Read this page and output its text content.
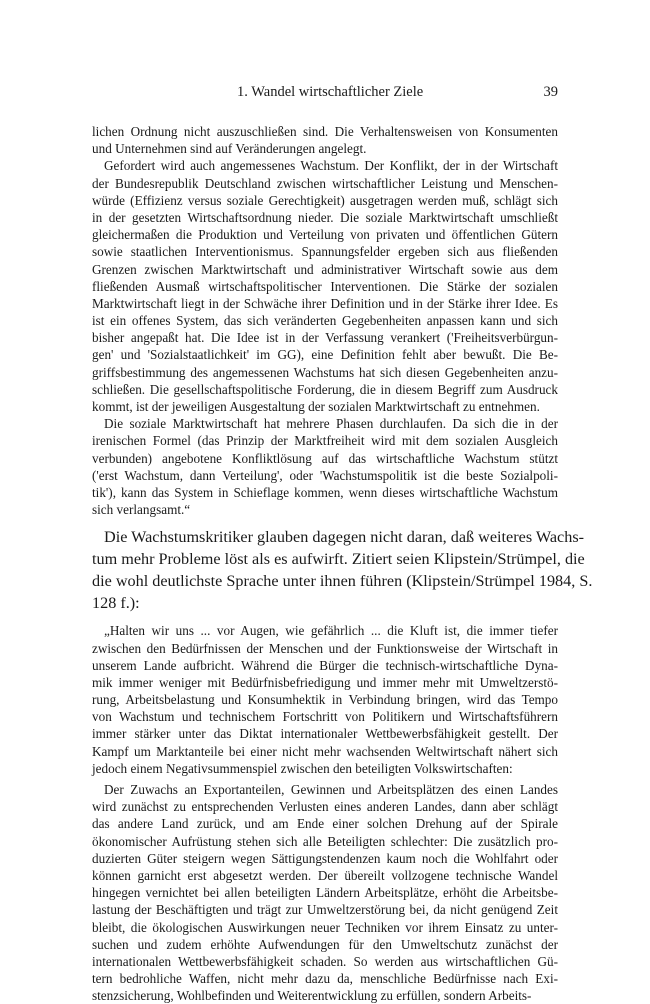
1. Wandel wirtschaftlicher Ziele	39
lichen Ordnung nicht auszuschließen sind. Die Verhaltensweisen von Konsumenten
und Unternehmen sind auf Veränderungen angelegt.
Gefordert wird auch angemessenes Wachstum. Der Konflikt, der in der Wirtschaft
der Bundesrepublik Deutschland zwischen wirtschaftlicher Leistung und Menschen-
würde (Effizienz versus soziale Gerechtigkeit) ausgetragen werden muß, schlägt sich
in der gesetzten Wirtschaftsordnung nieder. Die soziale Marktwirtschaft umschließt
gleichermaßen die Produktion und Verteilung von privaten und öffentlichen Gütern
sowie staatlichen Interventionismus. Spannungsfelder ergeben sich aus fließenden
Grenzen zwischen Marktwirtschaft und administrativer Wirtschaft sowie aus dem
fließenden Ausmaß wirtschaftspolitischer Interventionen. Die Stärke der sozialen
Marktwirtschaft liegt in der Schwäche ihrer Definition und in der Stärke ihrer Idee. Es
ist ein offenes System, das sich veränderten Gegebenheiten anpassen kann und sich
bisher angepaßt hat. Die Idee ist in der Verfassung verankert ('Freiheitsverbürgun-
gen' und 'Sozialstaatlichkeit' im GG), eine Definition fehlt aber bewußt. Die Be-
griffsbestimmung des angemessenen Wachstums hat sich diesen Gegebenheiten anzu-
schließen. Die gesellschaftspolitische Forderung, die in diesem Begriff zum Ausdruck
kommt, ist der jeweiligen Ausgestaltung der sozialen Marktwirtschaft zu entnehmen.
Die soziale Marktwirtschaft hat mehrere Phasen durchlaufen. Da sich die in der
irenischen Formel (das Prinzip der Marktfreiheit wird mit dem sozialen Ausgleich
verbunden) angebotene Konfliktlösung auf das wirtschaftliche Wachstum stützt
('erst Wachstum, dann Verteilung', oder 'Wachstumspolitik ist die beste Sozialpoli-
tik'), kann das System in Schieflage kommen, wenn dieses wirtschaftliche Wachstum
sich verlangsamt.“
Die Wachstumskritiker glauben dagegen nicht daran, daß weiteres Wachs-
tum mehr Probleme löst als es aufwirft. Zitiert seien Klipstein/Strümpel, die
die wohl deutlichste Sprache unter ihnen führen (Klipstein/Strümpel 1984, S.
128 f.):
„Halten wir uns ... vor Augen, wie gefährlich ... die Kluft ist, die immer tiefer
zwischen den Bedürfnissen der Menschen und der Funktionsweise der Wirtschaft in
unserem Lande aufbricht. Während die Bürger die technisch-wirtschaftliche Dyna-
mik immer weniger mit Bedürfnisbefriedigung und immer mehr mit Umweltzerstö-
rung, Arbeitsbelastung und Konsumhektik in Verbindung bringen, wird das Tempo
von Wachstum und technischem Fortschritt von Politikern und Wirtschaftsführern
immer stärker unter das Diktat internationaler Wettbewerbsfähigkeit gestellt. Der
Kampf um Marktanteile bei einer nicht mehr wachsenden Weltwirtschaft nähert sich
jedoch einem Negativsummenspiel zwischen den beteiligten Volkswirtschaften:
Der Zuwachs an Exportanteilen, Gewinnen und Arbeitsplätzen des einen Landes
wird zunächst zu entsprechenden Verlusten eines anderen Landes, dann aber schlägt
das andere Land zurück, und am Ende einer solchen Drehung auf der Spirale
ökonomischer Aufrüstung stehen sich alle Beteiligten schlechter: Die zusätzlich pro-
duzierten Güter steigern wegen Sättigungstendenzen kaum noch die Wohlfahrt oder
können garnicht erst abgesetzt werden. Der übereilt vollzogene technische Wandel
hingegen vernichtet bei allen beteiligten Ländern Arbeitsplätze, erhöht die Arbeitsbe-
lastung der Beschäftigten und trägt zur Umweltzerstörung bei, da nicht genügend Zeit
bleibt, die ökologischen Auswirkungen neuer Techniken vor ihrem Einsatz zu unter-
suchen und zudem erhöhte Aufwendungen für den Umweltschutz zunächst der
internationalen Wettbewerbsfähigkeit schaden. So werden aus wirtschaftlichen Gü-
tern bedrohliche Waffen, nicht mehr dazu da, menschliche Bedürfnisse nach Exi-
stenzsicherung, Wohlbefinden und Weiterentwicklung zu erfüllen, sondern Arbeits-
